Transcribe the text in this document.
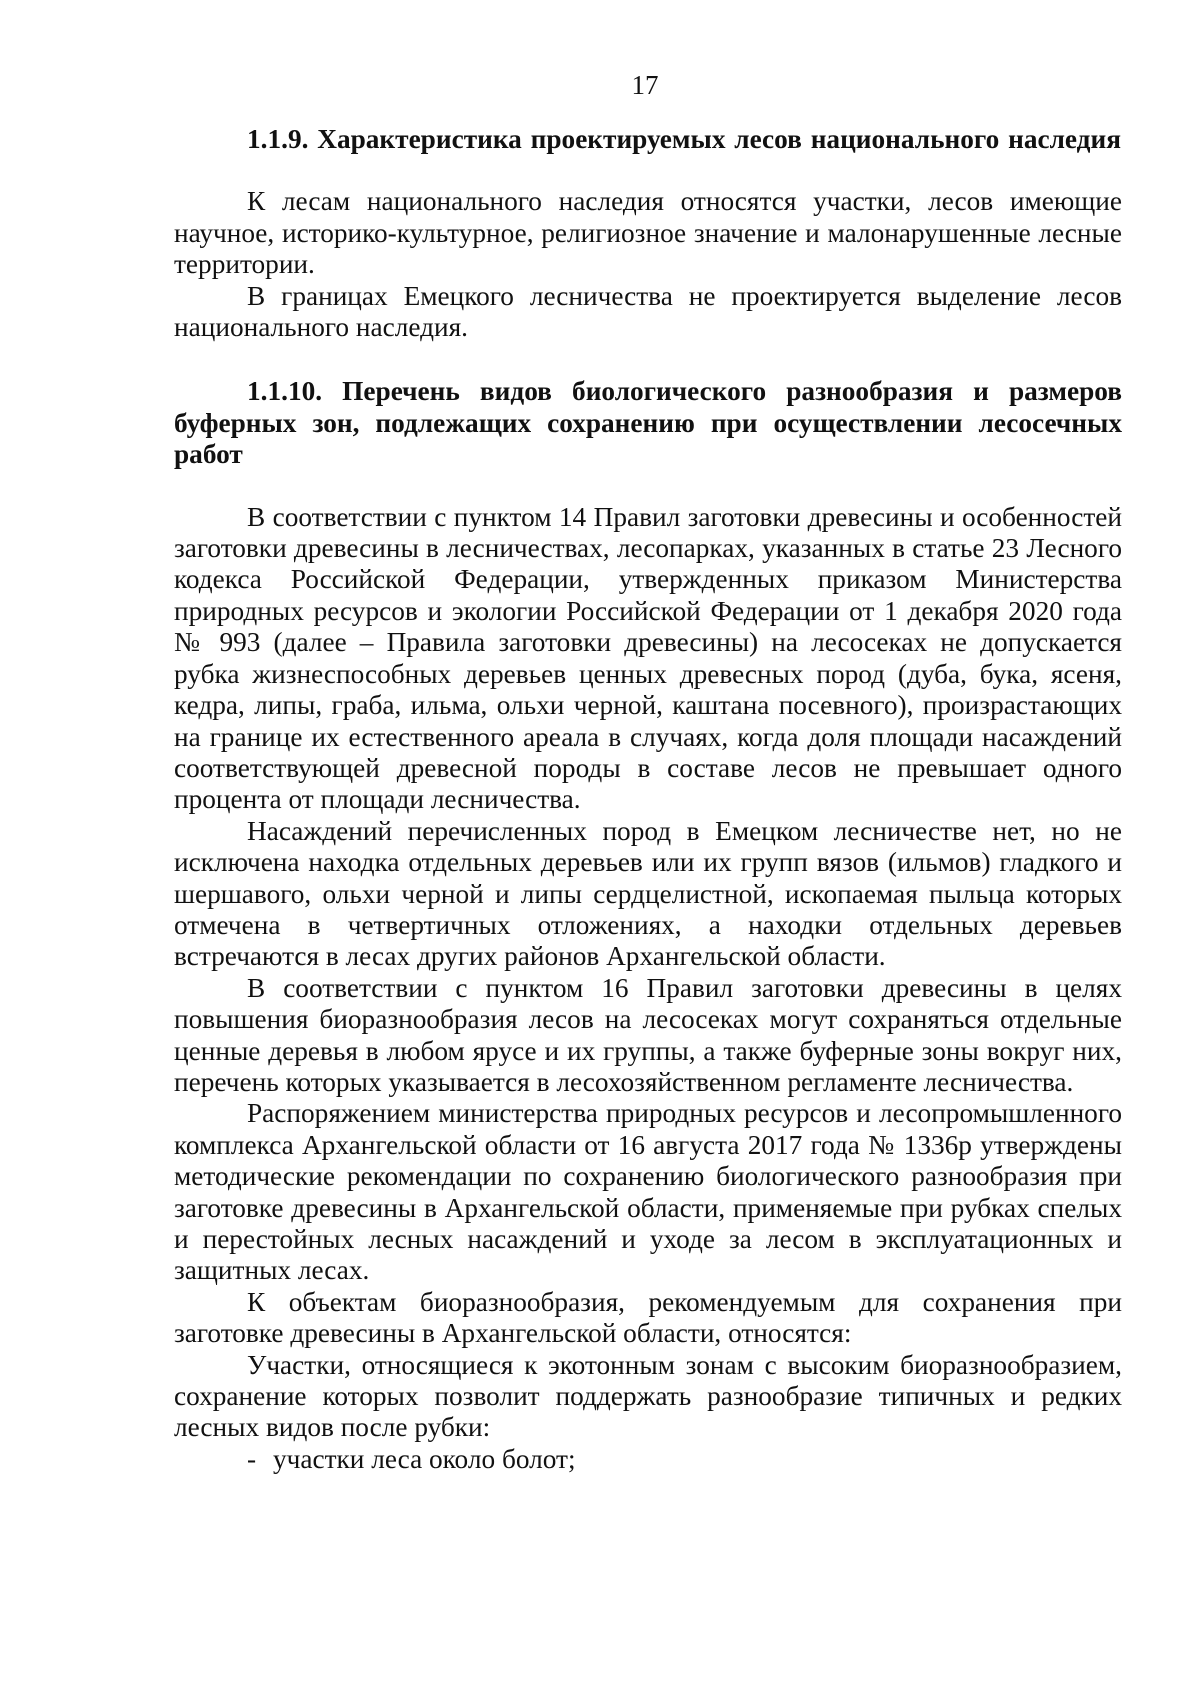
17

1.1.9. Характеристика проектируемых лесов национального наследия

К лесам национального наследия относятся участки, лесов имеющие научное, историко-культурное, религиозное значение и малонарушенные лесные территории.

В границах Емецкого лесничества не проектируется выделение лесов национального наследия.

1.1.10. Перечень видов биологического разнообразия и размеров буферных зон, подлежащих сохранению при осуществлении лесосечных работ

В соответствии с пунктом 14 Правил заготовки древесины и особенностей заготовки древесины в лесничествах, лесопарках, указанных в статье 23 Лесного кодекса Российской Федерации, утвержденных приказом Министерства природных ресурсов и экологии Российской Федерации от 1 декабря 2020 года № 993 (далее – Правила заготовки древесины) на лесосеках не допускается рубка жизнеспособных деревьев ценных древесных пород (дуба, бука, ясеня, кедра, липы, граба, ильма, ольхи черной, каштана посевного), произрастающих на границе их естественного ареала в случаях, когда доля площади насаждений соответствующей древесной породы в составе лесов не превышает одного процента от площади лесничества.

Насаждений перечисленных пород в Емецком лесничестве нет, но не исключена находка отдельных деревьев или их групп вязов (ильмов) гладкого и шершавого, ольхи черной и липы сердцелистной, ископаемая пыльца которых отмечена в четвертичных отложениях, а находки отдельных деревьев встречаются в лесах других районов Архангельской области.

В соответствии с пунктом 16 Правил заготовки древесины в целях повышения биоразнообразия лесов на лесосеках могут сохраняться отдельные ценные деревья в любом ярусе и их группы, а также буферные зоны вокруг них, перечень которых указывается в лесохозяйственном регламенте лесничества.

Распоряжением министерства природных ресурсов и лесопромышленного комплекса Архангельской области от 16 августа 2017 года № 1336р утверждены методические рекомендации по сохранению биологического разнообразия при заготовке древесины в Архангельской области, применяемые при рубках спелых и перестойных лесных насаждений и уходе за лесом в эксплуатационных и защитных лесах.

К объектам биоразнообразия, рекомендуемым для сохранения при заготовке древесины в Архангельской области, относятся:

Участки, относящиеся к экотонным зонам с высоким биоразнообразием, сохранение которых позволит поддержать разнообразие типичных и редких лесных видов после рубки:

- участки леса около болот;
